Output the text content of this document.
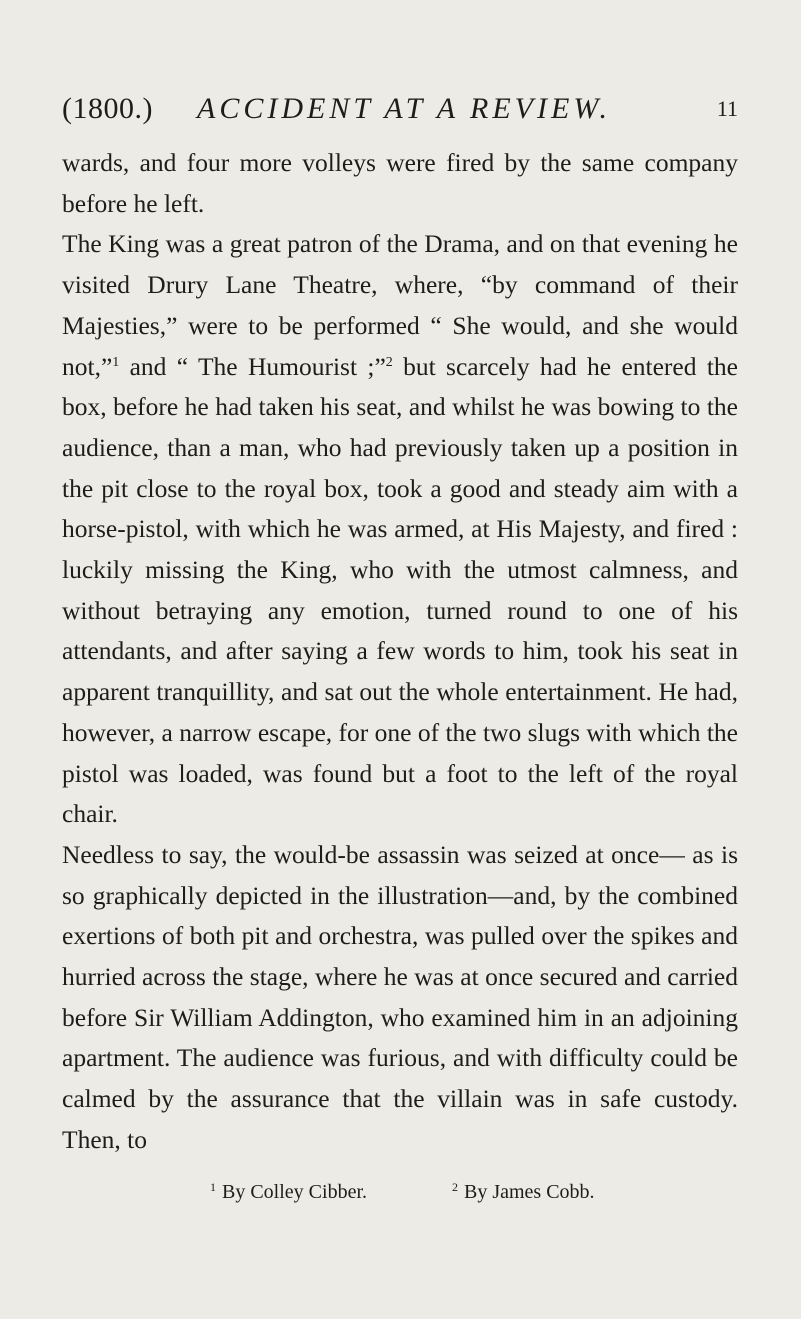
(1800.) ACCIDENT AT A REVIEW.	11

wards, and four more volleys were fired by the same company before he left.

The King was a great patron of the Drama, and on that evening he visited Drury Lane Theatre, where, “by command of their Majesties,” were to be performed “ She would, and she would not,”$^1$ and “ The Humourist ;”$^2$ but scarcely had he entered the box, before he had taken his seat, and whilst he was bowing to the audience, than a man, who had previously taken up a position in the pit close to the royal box, took a good and steady aim with a horse-pistol, with which he was armed, at His Majesty, and fired : luckily missing the King, who with the utmost calmness, and without betraying any emotion, turned round to one of his attendants, and after saying a few words to him, took his seat in apparent tranquillity, and sat out the whole entertainment. He had, however, a narrow escape, for one of the two slugs with which the pistol was loaded, was found but a foot to the left of the royal chair.

Needless to say, the would-be assassin was seized at once— as is so graphically depicted in the illustration—and, by the combined exertions of both pit and orchestra, was pulled over the spikes and hurried across the stage, where he was at once secured and carried before Sir William Addington, who examined him in an adjoining apartment. The audience was furious, and with difficulty could be calmed by the assurance that the villain was in safe custody. Then, to

$^1$ By Colley Cibber.	$^2$ By James Cobb.
